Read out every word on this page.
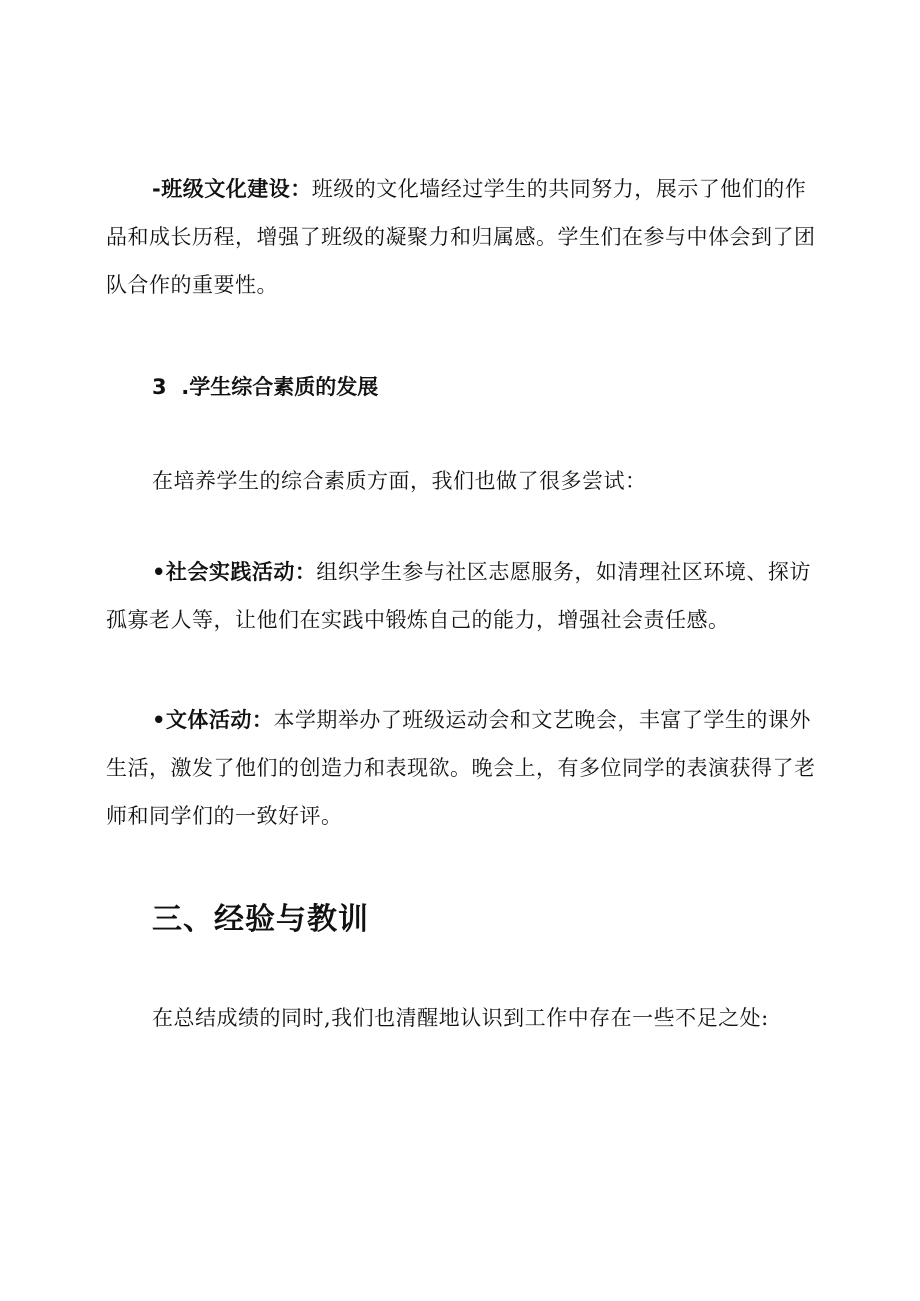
-班级文化建设：班级的文化墙经过学生的共同努力，展示了他们的作品和成长历程，增强了班级的凝聚力和归属感。学生们在参与中体会到了团队合作的重要性。

3 .学生综合素质的发展

在培养学生的综合素质方面，我们也做了很多尝试：

•社会实践活动：组织学生参与社区志愿服务，如清理社区环境、探访孤寡老人等，让他们在实践中锻炼自己的能力，增强社会责任感。

•文体活动：本学期举办了班级运动会和文艺晚会，丰富了学生的课外生活，激发了他们的创造力和表现欲。晚会上，有多位同学的表演获得了老师和同学们的一致好评。

三、经验与教训

在总结成绩的同时,我们也清醒地认识到工作中存在一些不足之处:
